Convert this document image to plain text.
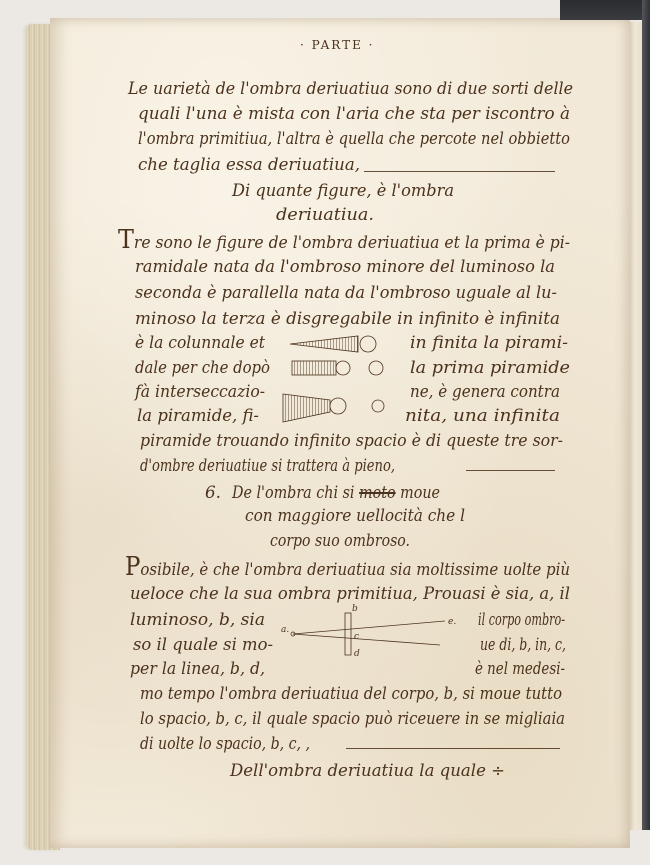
· PARTE ·
Le uarietà de l'ombra deriuatiua sono di due sorti delle
quali l'una è mista con l'aria che sta per iscontro à
l'ombra primitiua, l'altra è quella che percote nel obbietto
che taglia essa deriuatiua,
Di quante figure, è l'ombra
deriuatiua.
Tre sono le figure de l'ombra deriuatiua et la prima è pi-
ramidale nata da l'ombroso minore del luminoso la
seconda è parallella nata da l'ombroso uguale al lu-
minoso la terza è disgregabile in infinito è infinita
è la colunnale et	in finita la pirami-
dale per che dopò	la prima piramide
fà interseccazio-	ne, è genera contra
la piramide, fi-	nita, una infinita
piramide trouando infinito spacio è di queste tre sor-
d'ombre deriuatiue si trattera à pieno,
6. De l'ombra chi si moto moue
con maggiore uellocità che l
corpo suo ombroso.
Posibile, è che l'ombra deriuatiua sia moltissime uolte più
ueloce che la sua ombra primitiua, Prouasi è sia, a, il
luminoso, b, sia	il corpo ombro-
so il quale si mo-	ue di, b, in, c,
per la linea, b, d,	è nel medesi-
mo tempo l'ombra deriuatiua del corpo, b, si moue tutto
lo spacio, b, c, il quale spacio può riceuere in se migliaia
di uolte lo spacio, b, c, ,
Dell'ombra deriuatiua la quale ÷
a.
b
c
d
e.
